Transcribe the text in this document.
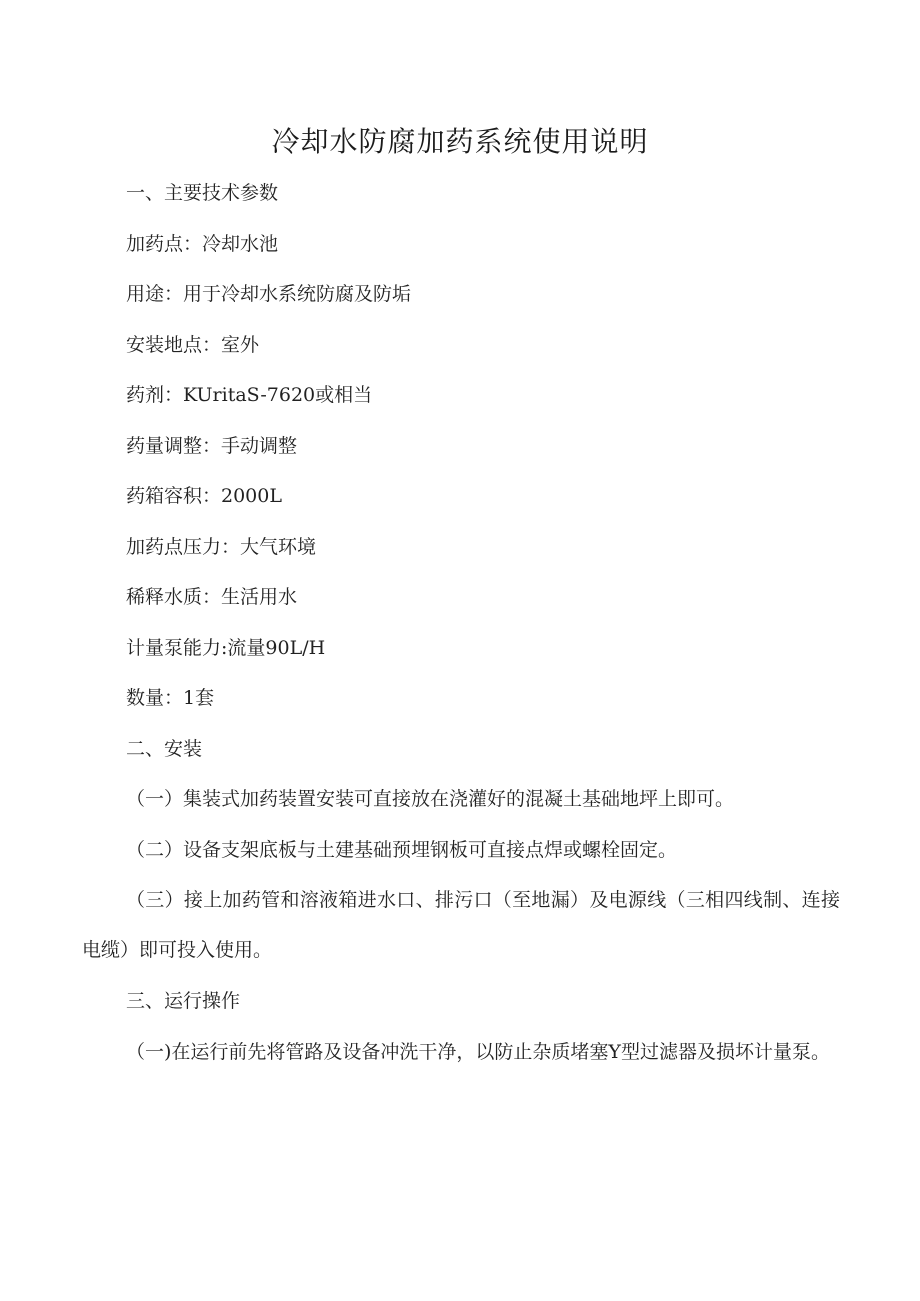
冷却水防腐加药系统使用说明
一、主要技术参数
加药点：冷却水池
用途：用于冷却水系统防腐及防垢
安装地点：室外
药剂：KUritaS-7620或相当
药量调整：手动调整
药箱容积：2000L
加药点压力：大气环境
稀释水质：生活用水
计量泵能力:流量90L/H
数量：1套
二、安装
（一）集装式加药装置安装可直接放在浇灌好的混凝土基础地坪上即可。
（二）设备支架底板与土建基础预埋钢板可直接点焊或螺栓固定。
（三）接上加药管和溶液箱进水口、排污口（至地漏）及电源线（三相四线制、连接电缆）即可投入使用。
三、运行操作
（一)在运行前先将管路及设备冲洗干净，以防止杂质堵塞Y型过滤器及损坏计量泵。
